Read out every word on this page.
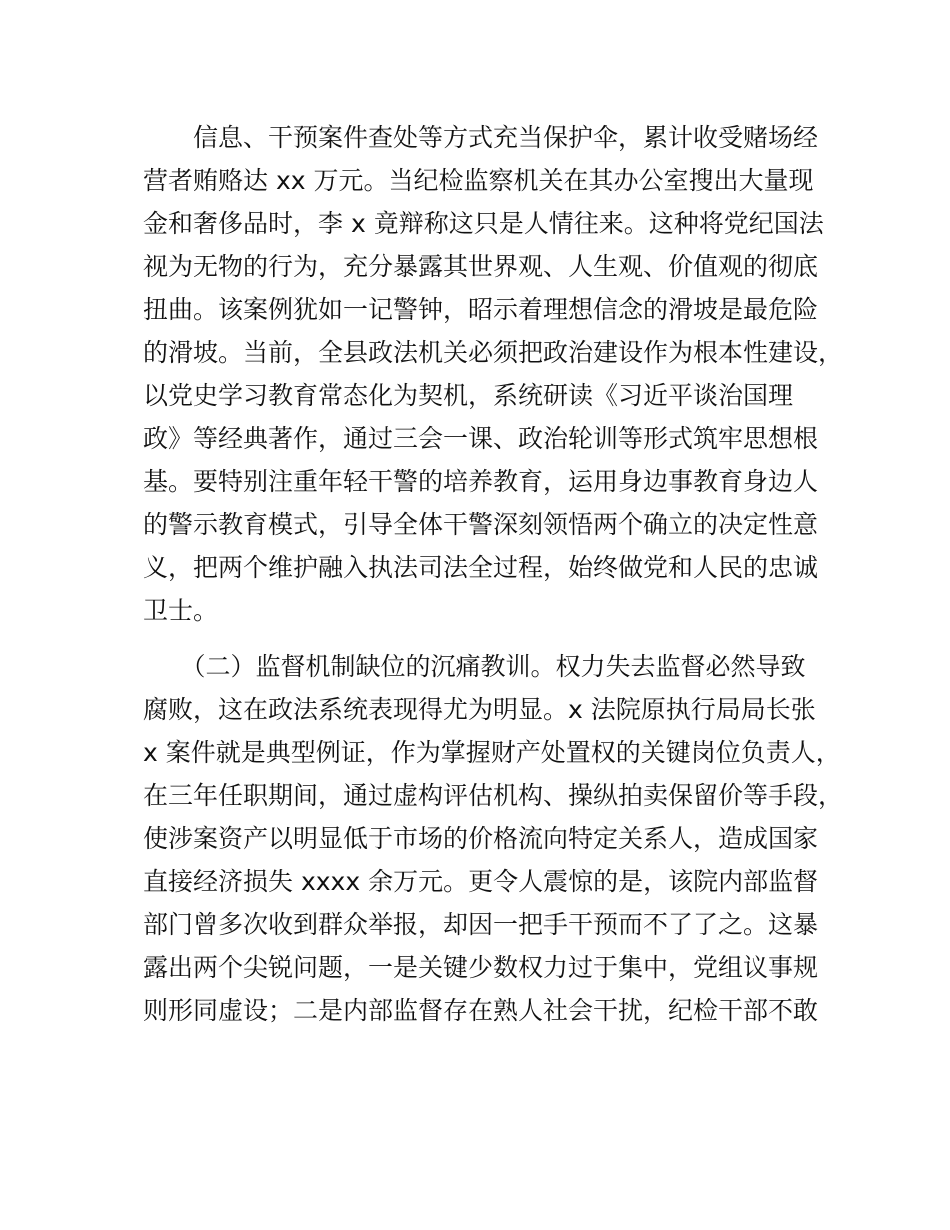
　　信息、干预案件查处等方式充当保护伞，累计收受赌场经
营者贿赂达 xx 万元。当纪检监察机关在其办公室搜出大量现
金和奢侈品时，李 x 竟辩称这只是人情往来。这种将党纪国法
视为无物的行为，充分暴露其世界观、人生观、价值观的彻底
扭曲。该案例犹如一记警钟，昭示着理想信念的滑坡是最危险
的滑坡。当前，全县政法机关必须把政治建设作为根本性建设，
以党史学习教育常态化为契机，系统研读《习近平谈治国理
政》等经典著作，通过三会一课、政治轮训等形式筑牢思想根
基。要特别注重年轻干警的培养教育，运用身边事教育身边人
的警示教育模式，引导全体干警深刻领悟两个确立的决定性意
义，把两个维护融入执法司法全过程，始终做党和人民的忠诚
卫士。
　　（二）监督机制缺位的沉痛教训。权力失去监督必然导致
腐败，这在政法系统表现得尤为明显。x 法院原执行局局长张
x 案件就是典型例证，作为掌握财产处置权的关键岗位负责人，
在三年任职期间，通过虚构评估机构、操纵拍卖保留价等手段，
使涉案资产以明显低于市场的价格流向特定关系人，造成国家
直接经济损失 xxxx 余万元。更令人震惊的是，该院内部监督
部门曾多次收到群众举报，却因一把手干预而不了了之。这暴
露出两个尖锐问题，一是关键少数权力过于集中，党组议事规
则形同虚设；二是内部监督存在熟人社会干扰，纪检干部不敢
